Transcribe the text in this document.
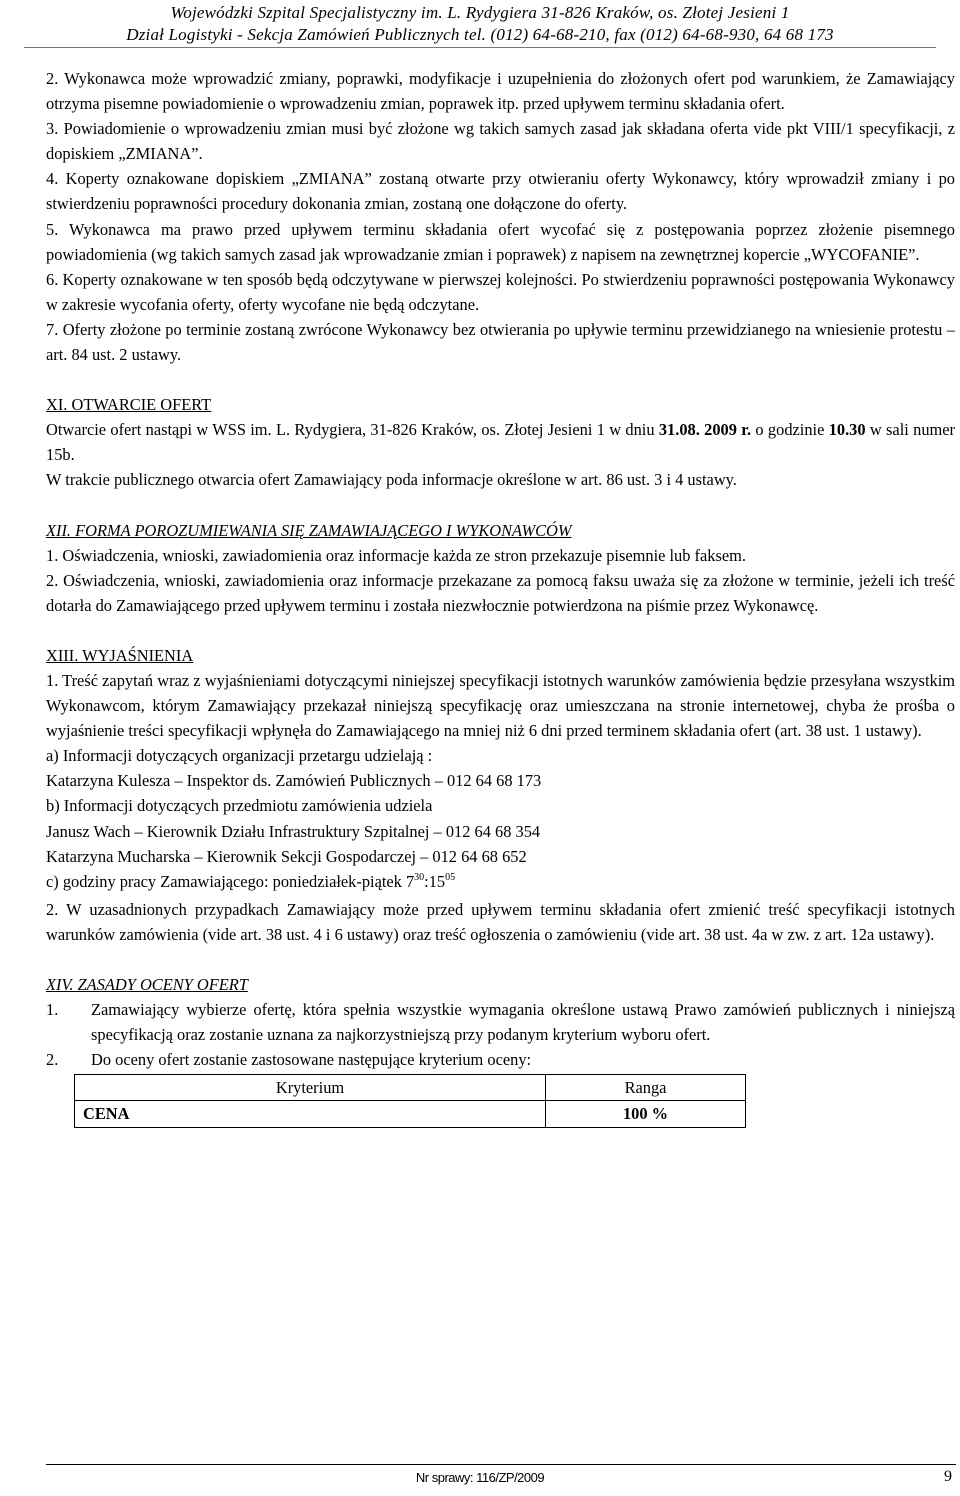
Wojewódzki Szpital Specjalistyczny im. L. Rydygiera 31-826 Kraków, os. Złotej Jesieni 1
Dział Logistyki - Sekcja Zamówień Publicznych tel. (012) 64-68-210, fax (012) 64-68-930, 64 68 173

2. Wykonawca może wprowadzić zmiany, poprawki, modyfikacje i uzupełnienia do złożonych ofert pod warunkiem, że Zamawiający otrzyma pisemne powiadomienie o wprowadzeniu zmian, poprawek itp. przed upływem terminu składania ofert.

3. Powiadomienie o wprowadzeniu zmian musi być złożone wg takich samych zasad jak składana oferta vide pkt VIII/1 specyfikacji, z dopiskiem „ZMIANA”.

4. Koperty oznakowane dopiskiem „ZMIANA” zostaną otwarte przy otwieraniu oferty Wykonawcy, który wprowadził zmiany i po stwierdzeniu poprawności procedury dokonania zmian, zostaną one dołączone do oferty.

5. Wykonawca ma prawo przed upływem terminu składania ofert wycofać się z postępowania poprzez złożenie pisemnego powiadomienia (wg takich samych zasad jak wprowadzanie zmian i poprawek) z napisem na zewnętrznej kopercie „WYCOFANIE”.

6. Koperty oznakowane w ten sposób będą odczytywane w pierwszej kolejności. Po stwierdzeniu poprawności postępowania Wykonawcy w zakresie wycofania oferty, oferty wycofane nie będą odczytane.

7. Oferty złożone po terminie zostaną zwrócone Wykonawcy bez otwierania po upływie terminu przewidzianego na wniesienie protestu – art. 84 ust. 2 ustawy.

XI. OTWARCIE OFERT

Otwarcie ofert nastąpi w WSS im. L. Rydygiera, 31-826 Kraków, os. Złotej Jesieni 1 w dniu 31.08. 2009 r. o godzinie 10.30 w sali numer 15b.

W trakcie publicznego otwarcia ofert Zamawiający poda informacje określone w art. 86 ust. 3 i 4 ustawy.

XII. FORMA POROZUMIEWANIA SIĘ ZAMAWIAJĄCEGO I WYKONAWCÓW

1. Oświadczenia, wnioski, zawiadomienia oraz informacje każda ze stron przekazuje pisemnie lub faksem.

2. Oświadczenia, wnioski, zawiadomienia oraz informacje przekazane za pomocą faksu uważa się za złożone w terminie, jeżeli ich treść dotarła do Zamawiającego przed upływem terminu i została niezwłocznie potwierdzona na piśmie przez Wykonawcę.

XIII. WYJAŚNIENIA

1. Treść zapytań wraz z wyjaśnieniami dotyczącymi niniejszej specyfikacji istotnych warunków zamówienia będzie przesyłana wszystkim Wykonawcom, którym Zamawiający przekazał niniejszą specyfikację oraz umieszczana na stronie internetowej, chyba że prośba o wyjaśnienie treści specyfikacji wpłynęła do Zamawiającego na mniej niż 6 dni przed terminem składania ofert (art. 38 ust. 1 ustawy).

a) Informacji dotyczących organizacji przetargu udzielają :

Katarzyna Kulesza – Inspektor ds. Zamówień Publicznych – 012 64 68 173

b) Informacji dotyczących przedmiotu zamówienia udziela

Janusz Wach – Kierownik Działu Infrastruktury Szpitalnej – 012 64 68 354

Katarzyna Mucharska – Kierownik Sekcji Gospodarczej – 012 64 68 652

c) godziny pracy Zamawiającego: poniedziałek-piątek $7^{30}:15^{05}$

2. W uzasadnionych przypadkach Zamawiający może przed upływem terminu składania ofert zmienić treść specyfikacji istotnych warunków zamówienia (vide art. 38 ust. 4 i 6 ustawy) oraz treść ogłoszenia o zamówieniu (vide art. 38 ust. 4a w zw. z art. 12a ustawy).

XIV. ZASADY OCENY OFERT

1.	Zamawiający wybierze ofertę, która spełnia wszystkie wymagania określone ustawą Prawo zamówień publicznych i niniejszą specyfikacją oraz zostanie uznana za najkorzystniejszą przy podanym kryterium wyboru ofert.
2.	Do oceny ofert zostanie zastosowane następujące kryterium oceny:
Kryterium	Ranga
CENA	100 %
Nr sprawy: 116/ZP/2009	9
